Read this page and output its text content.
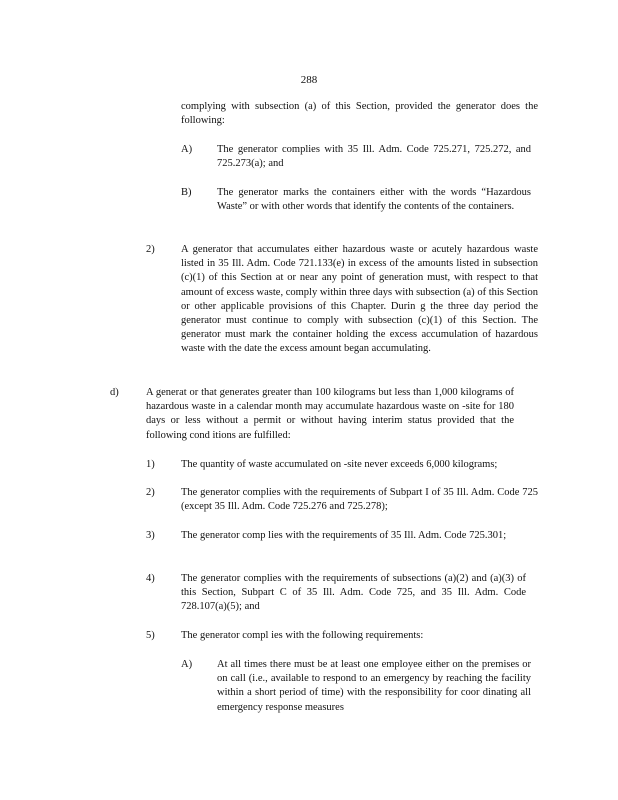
288
complying with subsection (a) of this Section, provided the generator does the following:
A) The generator complies with 35 Ill. Adm. Code 725.271, 725.272, and 725.273(a); and
B) The generator marks the containers either with the words “Hazardous Waste” or with other words that identify the contents of the containers.
2)	A generator that accumulates either hazardous waste or acutely hazardous waste listed in 35 Ill. Adm. Code 721.133(e) in excess of the amounts listed in subsection (c)(1) of this Section at or near any point of generation must, with respect to that amount of excess waste, comply within three days with subsection (a) of this Section or other applicable provisions of this Chapter. Durin g the three day period the generator must continue to comply with subsection (c)(1) of this Section. The generator must mark the container holding the excess accumulation of hazardous waste with the date the excess amount began accumulating.
d)	A generat or that generates greater than 100 kilograms but less than 1,000 kilograms of hazardous waste in a calendar month may accumulate hazardous waste on -site for 180 days or less without a permit or without having interim status provided that the following cond itions are fulfilled:
1)	The quantity of waste accumulated on -site never exceeds 6,000 kilograms;
2)	The generator complies with the requirements of Subpart I of 35 Ill. Adm. Code 725 (except 35 Ill. Adm. Code 725.276 and 725.278);
3)	The generator comp lies with the requirements of 35 Ill. Adm. Code 725.301;
4)	The generator complies with the requirements of subsections (a)(2) and (a)(3) of this Section, Subpart C of 35 Ill. Adm. Code 725, and 35 Ill. Adm. Code 728.107(a)(5); and
5)	The generator compl ies with the following requirements:
A) At all times there must be at least one employee either on the premises or on call (i.e., available to respond to an emergency by reaching the facility within a short period of time) with the responsibility for coor dinating all emergency response measures
